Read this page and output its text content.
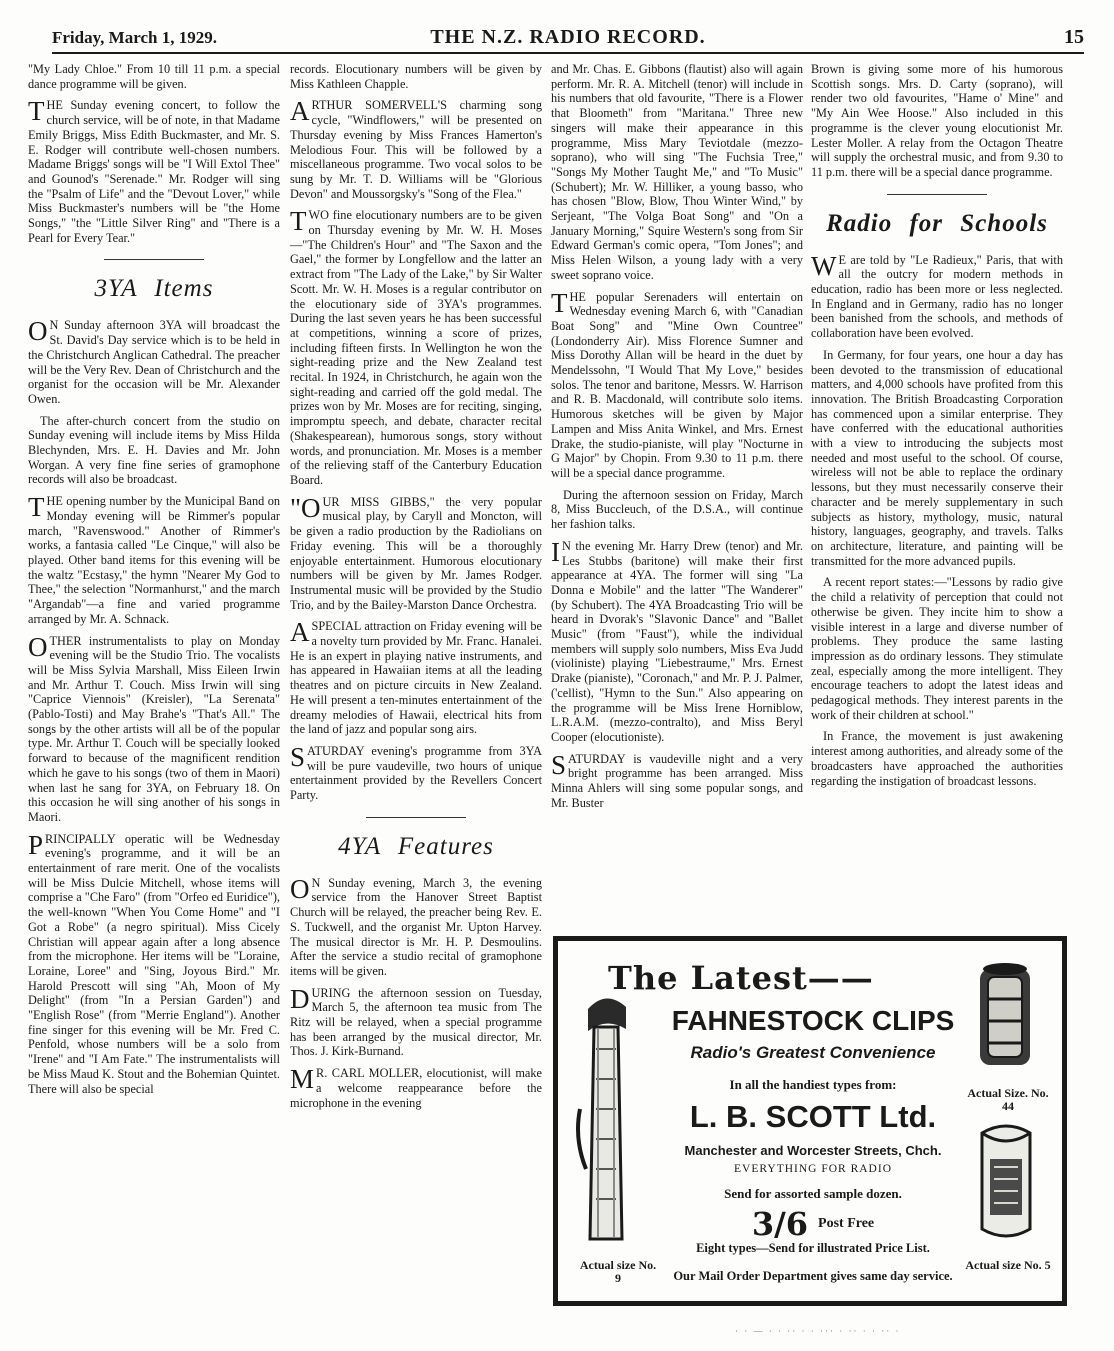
Friday, March 1, 1929.	THE N.Z. RADIO RECORD.	15

"My Lady Chloe." From 10 till 11 p.m. a special dance programme will be given.

THE Sunday evening concert, to follow the church service, will be of note, in that Madame Emily Briggs, Miss Edith Buckmaster, and Mr. S. E. Rodger will contribute well-chosen numbers. Madame Briggs' songs will be "I Will Extol Thee" and Gounod's "Serenade." Mr. Rodger will sing the "Psalm of Life" and the "Devout Lover," while Miss Buckmaster's numbers will be "the Home Songs," "the "Little Silver Ring" and "There is a Pearl for Every Tear."

3YA Items

O N Sunday afternoon 3YA will broadcast the St. David's Day service which is to be held in the Christchurch Anglican Cathedral. The preacher will be the Very Rev. Dean of Christchurch and the organist for the occasion will be Mr. Alexander Owen.

The after-church concert from the studio on Sunday evening will include items by Miss Hilda Blechynden, Mrs. E. H. Davies and Mr. John Worgan. A very fine fine series of gramophone records will also be broadcast.

THE opening number by the Municipal Band on Monday evening will be Rimmer's popular march, "Ravenswood." Another of Rimmer's works, a fantasia called "Le Cinque," will also be played. Other band items for this evening will be the waltz "Ecstasy," the hymn "Nearer My God to Thee," the selection "Normanhurst," and the march "Argandab"—a fine and varied programme arranged by Mr. A. Schnack.

OTHER instrumentalists to play on Monday evening will be the Studio Trio. The vocalists will be Miss Sylvia Marshall, Miss Eileen Irwin and Mr. Arthur T. Couch. Miss Irwin will sing "Caprice Viennois" (Kreisler), "La Serenata" (Pablo-Tosti) and May Brahe's "That's All." The songs by the other artists will all be of the popular type. Mr. Arthur T. Couch will be specially looked forward to because of the magnificent rendition which he gave to his songs (two of them in Maori) when last he sang for 3YA, on February 18. On this occasion he will sing another of his songs in Maori.

PRINCIPALLY operatic will be Wednesday evening's programme, and it will be an entertainment of rare merit. One of the vocalists will be Miss Dulcie Mitchell, whose items will comprise a "Che Faro" (from "Orfeo ed Euridice"), the well-known "When You Come Home" and "I Got a Robe" (a negro spiritual). Miss Cicely Christian will appear again after a long absence from the microphone. Her items will be "Loraine, Loraine, Loree" and "Sing, Joyous Bird." Mr. Harold Prescott will sing "Ah, Moon of My Delight" (from "In a Persian Garden") and "English Rose" (from "Merrie England"). Another fine singer for this evening will be Mr. Fred C. Penfold, whose numbers will be a solo from "Irene" and "I Am Fate." The instrumentalists will be Miss Maud K. Stout and the Bohemian Quintet. There will also be special

records. Elocutionary numbers will be given by Miss Kathleen Chapple.

ARTHUR SOMERVELL'S charming song cycle, "Windflowers," will be presented on Thursday evening by Miss Frances Hamerton's Melodious Four. This will be followed by a miscellaneous programme. Two vocal solos to be sung by Mr. T. D. Williams will be "Glorious Devon" and Moussorgsky's "Song of the Flea."

TWO fine elocutionary numbers are to be given on Thursday evening by Mr. W. H. Moses—"The Children's Hour" and "The Saxon and the Gael," the former by Longfellow and the latter an extract from "The Lady of the Lake," by Sir Walter Scott. Mr. W. H. Moses is a regular contributor on the elocutionary side of 3YA's programmes. During the last seven years he has been successful at competitions, winning a score of prizes, including fifteen firsts. In Wellington he won the sight-reading prize and the New Zealand test recital. In 1924, in Christchurch, he again won the sight-reading and carried off the gold medal. The prizes won by Mr. Moses are for reciting, singing, impromptu speech, and debate, character recital (Shakespearean), humorous songs, story without words, and pronunciation. Mr. Moses is a member of the relieving staff of the Canterbury Education Board.

"OUR MISS GIBBS," the very popular musical play, by Caryll and Moncton, will be given a radio production by the Radiolians on Friday evening. This will be a thoroughly enjoyable entertainment. Humorous elocutionary numbers will be given by Mr. James Rodger. Instrumental music will be provided by the Studio Trio, and by the Bailey-Marston Dance Orchestra.

ASPECIAL attraction on Friday evening will be a novelty turn provided by Mr. Franc. Hanalei. He is an expert in playing native instruments, and has appeared in Hawaiian items at all the leading theatres and on picture circuits in New Zealand. He will present a ten-minutes entertainment of the dreamy melodies of Hawaii, electrical hits from the land of jazz and popular song airs.

SATURDAY evening's programme from 3YA will be pure vaudeville, two hours of unique entertainment provided by the Revellers Concert Party.

4YA Features

O N Sunday evening, March 3, the evening service from the Hanover Street Baptist Church will be relayed, the preacher being Rev. E. S. Tuckwell, and the organist Mr. Upton Harvey. The musical director is Mr. H. P. Desmoulins. After the service a studio recital of gramophone items will be given.

DURING the afternoon session on Tuesday, March 5, the afternoon tea music from The Ritz will be relayed, when a special programme has been arranged by the musical director, Mr. Thos. J. Kirk-Burnand.

M R. CARL MOLLER, elocutionist, will make a welcome reappearance before the microphone in the evening

and Mr. Chas. E. Gibbons (flautist) also will again perform. Mr. R. A. Mitchell (tenor) will include in his numbers that old favourite, "There is a Flower that Bloometh" from "Maritana." Three new singers will make their appearance in this programme, Miss Mary Teviotdale (mezzo-soprano), who will sing "The Fuchsia Tree," "Songs My Mother Taught Me," and "To Music" (Schubert); Mr. W. Hilliker, a young basso, who has chosen "Blow, Blow, Thou Winter Wind," by Serjeant, "The Volga Boat Song" and "On a January Morning," Squire Western's song from Sir Edward German's comic opera, "Tom Jones"; and Miss Helen Wilson, a young lady with a very sweet soprano voice.

THE popular Serenaders will entertain on Wednesday evening March 6, with "Canadian Boat Song" and "Mine Own Countree" (Londonderry Air). Miss Florence Sumner and Miss Dorothy Allan will be heard in the duet by Mendelssohn, "I Would That My Love," besides solos. The tenor and baritone, Messrs. W. Harrison and R. B. Macdonald, will contribute solo items. Humorous sketches will be given by Major Lampen and Miss Anita Winkel, and Mrs. Ernest Drake, the studio-pianiste, will play "Nocturne in G Major" by Chopin. From 9.30 to 11 p.m. there will be a special dance programme.

During the afternoon session on Friday, March 8, Miss Buccleuch, of the D.S.A., will continue her fashion talks.

I N the evening Mr. Harry Drew (tenor) and Mr. Les Stubbs (baritone) will make their first appearance at 4YA. The former will sing "La Donna e Mobile" and the latter "The Wanderer" (by Schubert). The 4YA Broadcasting Trio will be heard in Dvorak's "Slavonic Dance" and "Ballet Music" (from "Faust"), while the individual members will supply solo numbers, Miss Eva Judd (violiniste) playing "Liebestraume," Mrs. Ernest Drake (pianiste), "Coronach," and Mr. P. J. Palmer, ('cellist), "Hymn to the Sun." Also appearing on the programme will be Miss Irene Horniblow, L.R.A.M. (mezzo-contralto), and Miss Beryl Cooper (elocutioniste).

SATURDAY is vaudeville night and a very bright programme has been arranged. Miss Minna Ahlers will sing some popular songs, and Mr. Buster

Brown is giving some more of his humorous Scottish songs. Mrs. D. Carty (soprano), will render two old favourites, "Hame o' Mine" and "My Ain Wee Hoose." Also included in this programme is the clever young elocutionist Mr. Lester Moller. A relay from the Octagon Theatre will supply the orchestral music, and from 9.30 to 11 p.m. there will be a special dance programme.

Radio for Schools

W E are told by "Le Radieux," Paris, that with all the outcry for modern methods in education, radio has been more or less neglected. In England and in Germany, radio has no longer been banished from the schools, and methods of collaboration have been evolved.

In Germany, for four years, one hour a day has been devoted to the transmission of educational matters, and 4,000 schools have profited from this innovation. The British Broadcasting Corporation has commenced upon a similar enterprise. They have conferred with the educational authorities with a view to introducing the subjects most needed and most useful to the school. Of course, wireless will not be able to replace the ordinary lessons, but they must necessarily conserve their character and be merely supplementary in such subjects as history, mythology, music, natural history, languages, geography, and travels. Talks on architecture, literature, and painting will be transmitted for the more advanced pupils.

A recent report states:—"Lessons by radio give the child a relativity of perception that could not otherwise be given. They incite him to show a visible interest in a large and diverse number of problems. They produce the same lasting impression as do ordinary lessons. They stimulate zeal, especially among the more intelligent. They encourage teachers to adopt the latest ideas and pedagogical methods. They interest parents in the work of their children at school."

In France, the movement is just awakening interest among authorities, and already some of the broadcasters have approached the authorities regarding the instigation of broadcast lessons.

The Latest——
FAHNESTOCK CLIPS
Radio's Greatest Convenience
In all the handiest types from:
L. B. SCOTT Ltd.
Manchester and Worcester Streets, Chch.
EVERYTHING FOR RADIO
Send for assorted sample dozen.
3/6 Post Free
Eight types—Send for illustrated Price List.
Our Mail Order Department gives same day service.
Actual size No. 9
Actual Size. No. 44
Actual size No. 5
· · — · · ·· · · ··· · ·· · · ·· ·
